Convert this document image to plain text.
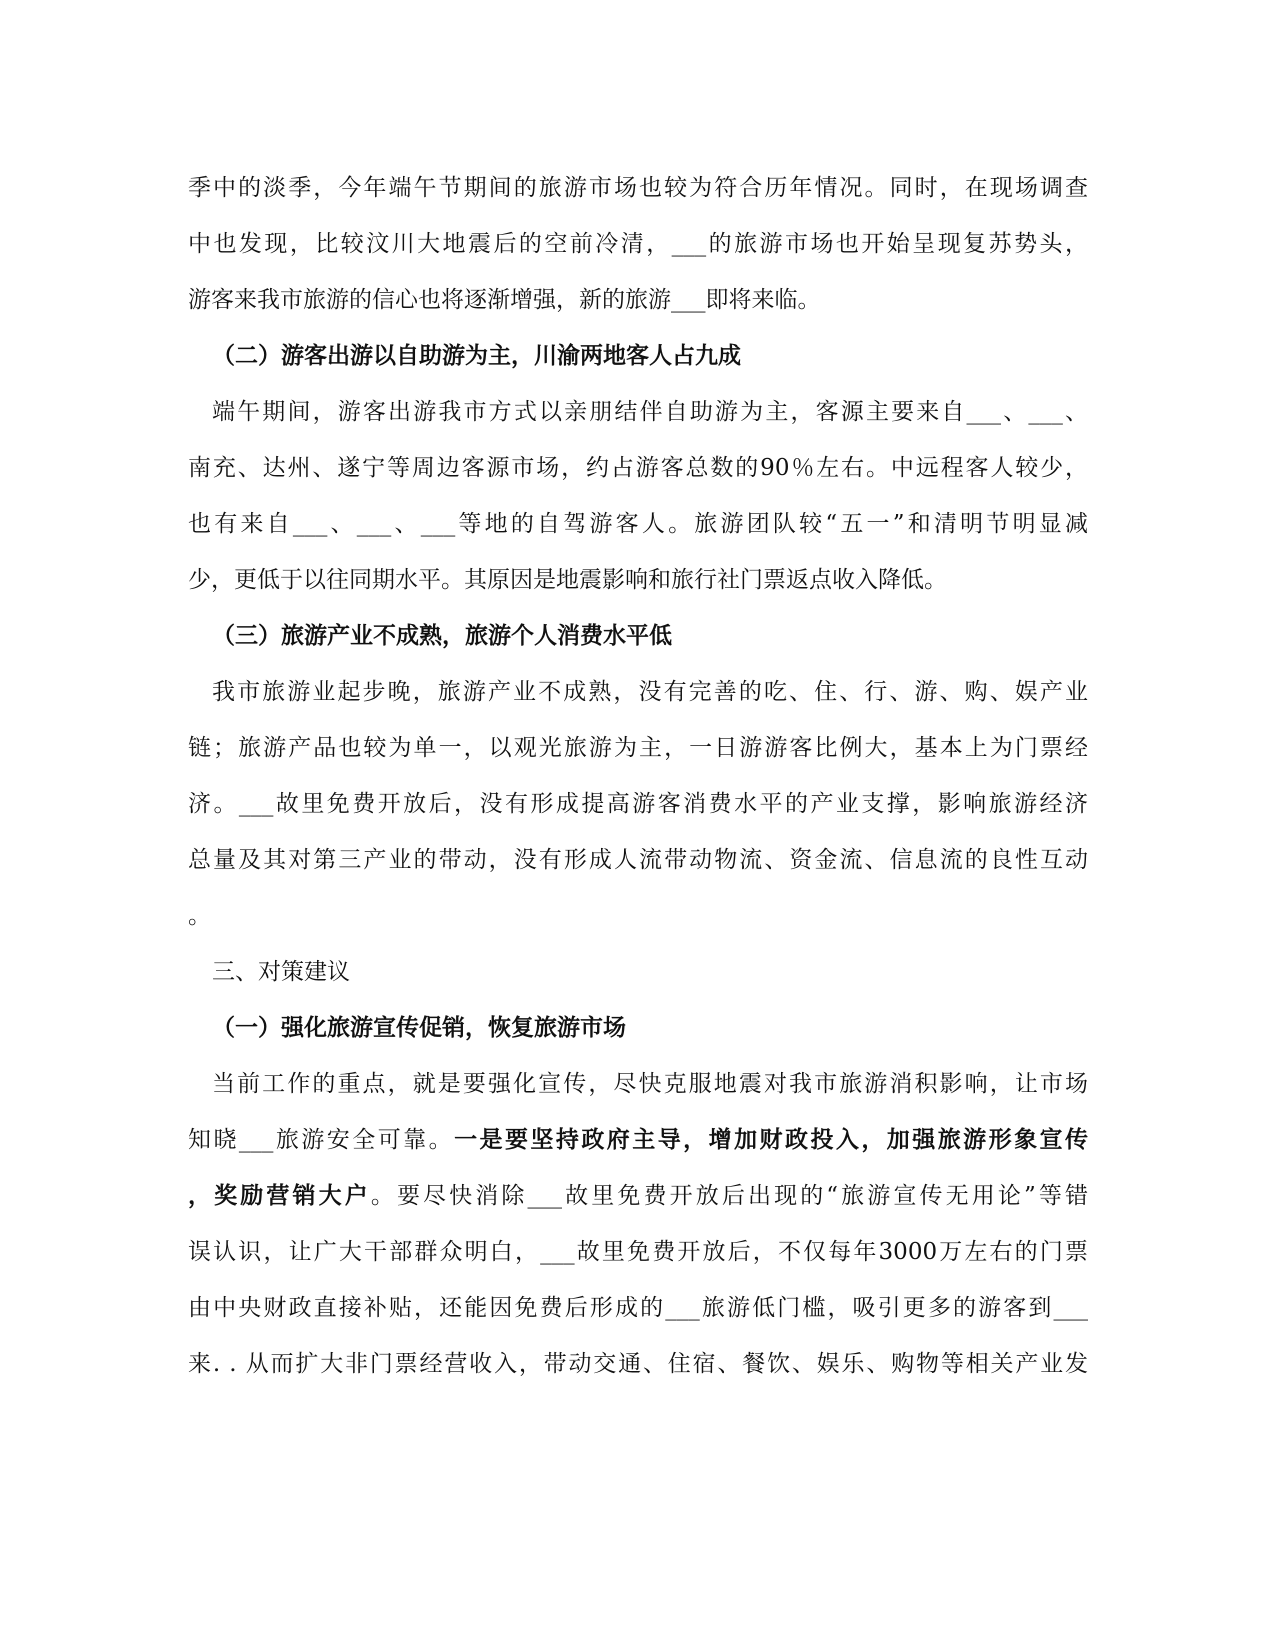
季中的淡季，今年端午节期间的旅游市场也较为符合历年情况。同时，在现场调查
中也发现，比较汶川大地震后的空前冷清，___的旅游市场也开始呈现复苏势头，
游客来我市旅游的信心也将逐渐增强，新的旅游___即将来临。
（二）游客出游以自助游为主，川渝两地客人占九成
端午期间，游客出游我市方式以亲朋结伴自助游为主，客源主要来自___、___、
南充、达州、遂宁等周边客源市场，约占游客总数的90％左右。中远程客人较少，
也有来自___、___、___等地的自驾游客人。旅游团队较“五一”和清明节明显减
少，更低于以往同期水平。其原因是地震影响和旅行社门票返点收入降低。
（三）旅游产业不成熟，旅游个人消费水平低
我市旅游业起步晚，旅游产业不成熟，没有完善的吃、住、行、游、购、娱产业
链；旅游产品也较为单一，以观光旅游为主，一日游游客比例大，基本上为门票经
济。___故里免费开放后，没有形成提高游客消费水平的产业支撑，影响旅游经济
总量及其对第三产业的带动，没有形成人流带动物流、资金流、信息流的良性互动
。
三、对策建议
（一）强化旅游宣传促销，恢复旅游市场
当前工作的重点，就是要强化宣传，尽快克服地震对我市旅游消积影响，让市场
知晓___旅游安全可靠。一是要坚持政府主导，增加财政投入，加强旅游形象宣传
，奖励营销大户。要尽快消除___故里免费开放后出现的“旅游宣传无用论”等错
误认识，让广大干部群众明白，___故里免费开放后，不仅每年3000万左右的门票
由中央财政直接补贴，还能因免费后形成的___旅游低门槛，吸引更多的游客到___
来. . 从而扩大非门票经营收入，带动交通、住宿、餐饮、娱乐、购物等相关产业发
